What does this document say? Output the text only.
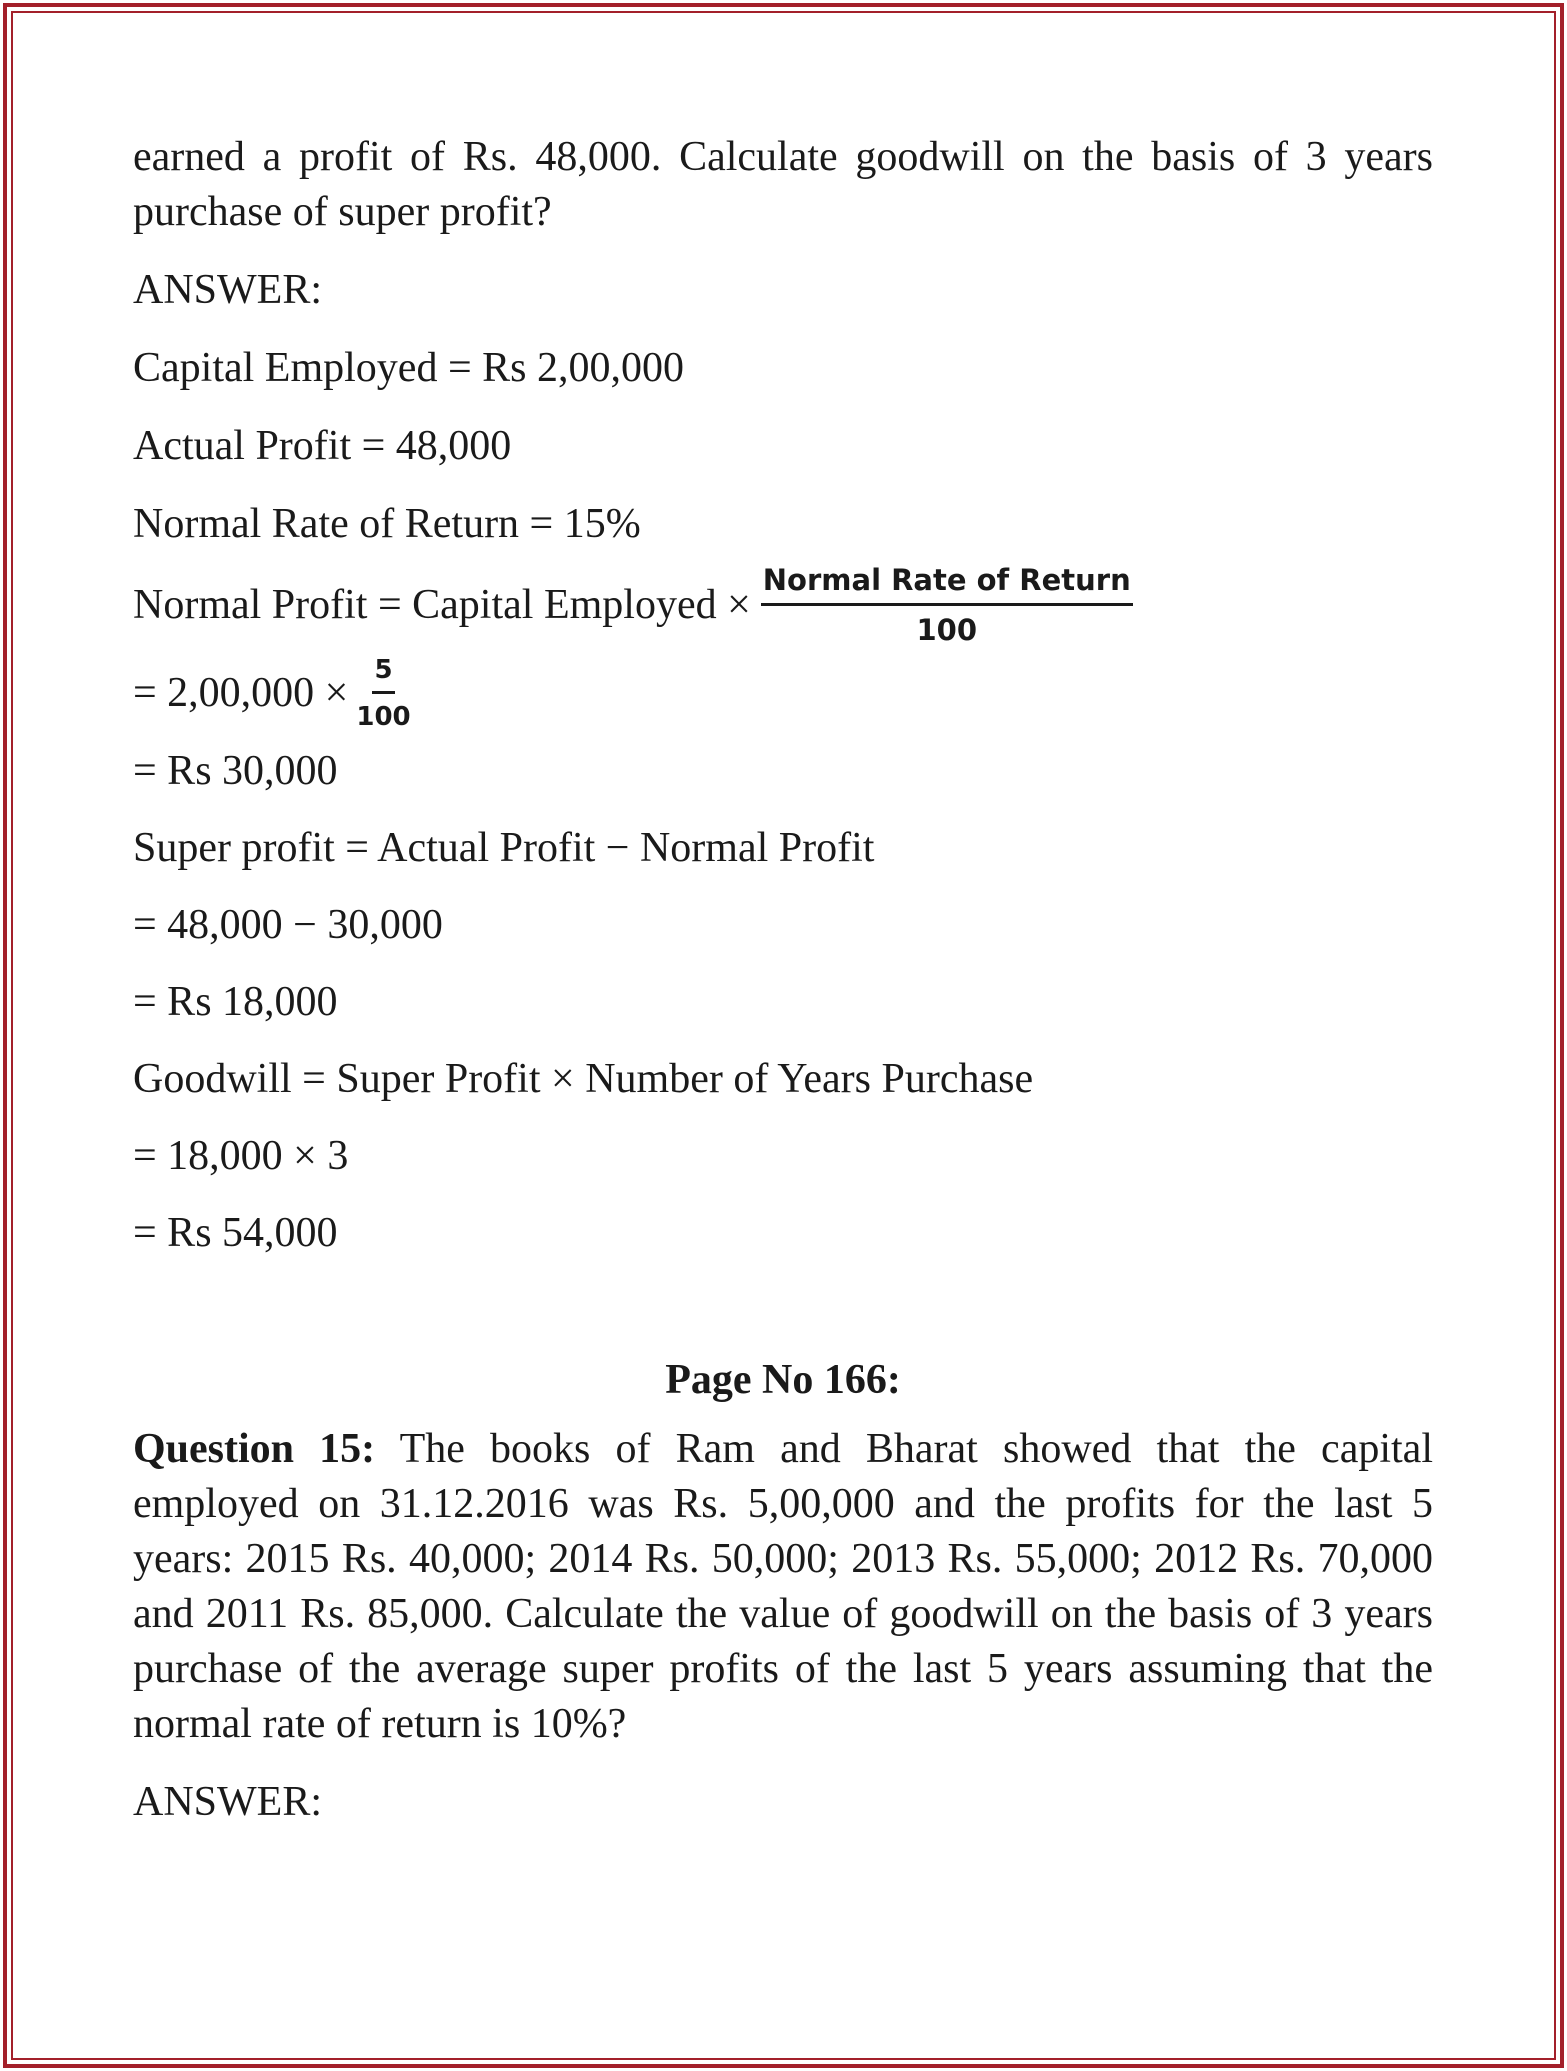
earned a profit of Rs. 48,000. Calculate goodwill on the basis of 3 years purchase of super profit?

ANSWER:

Capital Employed = Rs 2,00,000

Actual Profit = 48,000

Normal Rate of Return = 15%

Normal Profit = Capital Employed × $\frac{\text{Normal Rate of Return}}{100}$
= $2,00,000 \times \frac{5}{100}$

= Rs 30,000

Super profit = Actual Profit − Normal Profit

= 48,000 − 30,000

= Rs 18,000

Goodwill = Super Profit × Number of Years Purchase

= 18,000 × 3

= Rs 54,000

Page No 166:

Question 15: The books of Ram and Bharat showed that the capital employed on 31.12.2016 was Rs. 5,00,000 and the profits for the last 5 years: 2015 Rs. 40,000; 2014 Rs. 50,000; 2013 Rs. 55,000; 2012 Rs. 70,000 and 2011 Rs. 85,000. Calculate the value of goodwill on the basis of 3 years purchase of the average super profits of the last 5 years assuming that the normal rate of return is 10%?

ANSWER:
